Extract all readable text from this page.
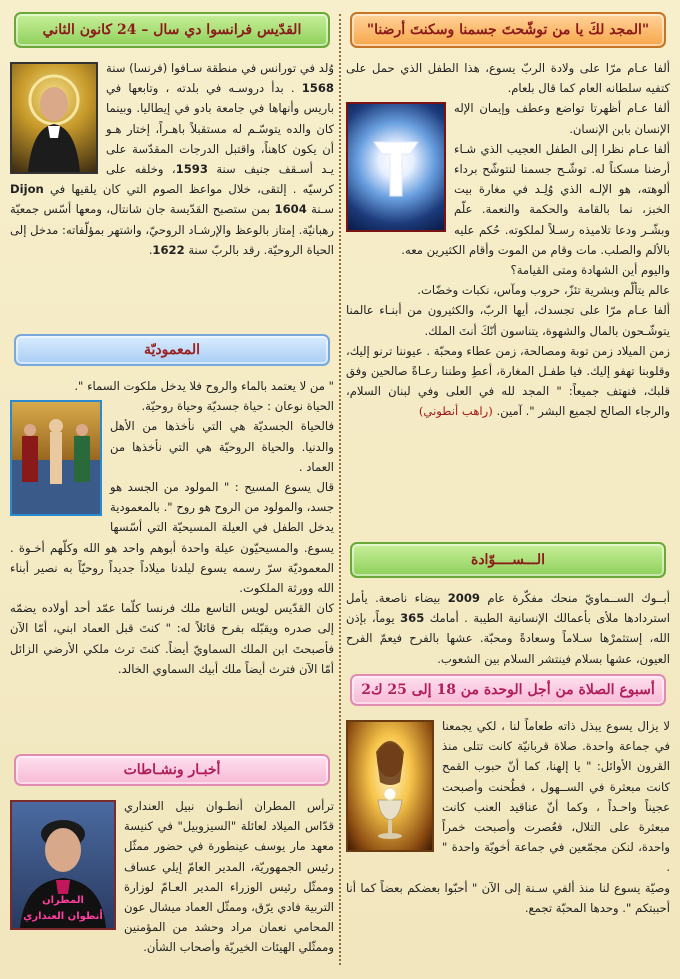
"المجد لكَ يا من توشّحتَ جسمنا وسكنتَ أرضنا"

ألفا عـام مرّا على ولادة الربّ يسوع، هذا الطفل الذي حمل على كتفيه سلطانه العام كما قال بلعام.

ألفا عـام أظهرتا تواضع وعطف وإيمان الإله الإنسان بابن الإنسان.

ألفا عـام نظرا إلى الطفل العجيب الذي شـاء أرضنا مسكناً له. توشّـح جسمنا لنتوشّح برداء ألوهته، هو الإلـه الذي وُلِـد في مغارة بيت الخبز، نما بالقامة والحكمة والنعمة. علّم وبشّـر ودعا تلاميذه رسـلاً لملكوته. حُكم عليه بالألم والصلب. مات وقام من الموت وأقام الكثيرين معه.

واليوم أين الشهادة ومتى القيامة؟

عالم يتألّم وبشرية تئزّ، حروب ومآس، نكبات وخضّات.

ألفا عـام مرّا على تجسدك، أيها الربّ، والكثيرون من أبنـاء عالمنا يتوشّـحون بالمال والشهوة، يتناسون أنّكَ أنتَ الملك.

زمن الميلاد زمن توبة ومصالحة، زمن عطاء ومحبّة . عيوننا ترنو إليك، وقلوبنا تهفو إليك. فيا طفـل المغارة، أعطِ وطننا رعـاةً صالحين وفق قلبك، فنهتف جميعاً: " المجد لله في العلى وفي لبنان السلام، والرجاء الصالح لجميع البشر ". آمين. (راهب أنطوني)

الـــســــوّادة

أبــوك الســماويّ منحك مفكّرة عام 2009 بيضاء ناصعة. يأمل استردادها ملأى بأعمالك الإنسانية الطيبة . أمامك 365 يوماً، بإذن الله، إستثمرْها سـلاماً وسعادةً ومحبّة. عشها بالفرح فيعمّ الفرح العيون، عشها بسلام فينتشر السلام بين الشعوب.

أسبوع الصلاة من أجل الوحدة من 18 إلى 25 ك2

لا يزال يسوع يبذل ذاته طعاماً لنا ، لكي يجمعنا في جماعة واحدة. صلاة قربانيّة كانت تتلى منذ القرون الأوائل: " يا إلهنا، كما أنّ حبوب القمح كانت مبعثرة في الســهول ، فطُحنت وأصبحت عجيناً واحـداً ، وكما أنّ عناقيد العنب كانت مبعثرة على التلال، فعُصرت وأصبحت خمراً واحدة، لنكن مجمّعين في جماعة أخويّة واحدة " .

وصيّة يسوع لنا منذ ألفي سـنة إلى الآن " أحبّوا بعضكم بعضاً كما أنا أحببتكم ". وحدها المحبّة تجمع.

القدّيس فرانسوا دي سال – 24 كانون الثاني

وُلد في تورانس في منطقة سـافوا (فرنسا) سنة 1568 . بدأ دروسـه في بلدته ، وتابعها في باريس وأنهاها في جامعة بادو في إيطاليا. وبينما كان والده يتوسّـم له مستقبلاً باهـراً، إختار هـو أن يكون كاهناً، واقتبل الدرجات المقدّسة على يـد أسـقف جنيف سنة 1593، وخلفه على كرسيّه . إلتقى، خلال مواعظ الصوم التي كان يلقيها في Dijon سـنة 1604 بمن ستصبح القدّيسة جان شانتال، ومعها أسّس جمعيّة رهبانيّة. إمتاز بالوعظ والإرشـاد الروحيّ، واشتهر بمؤلّفاته: مدخل إلى الحياة الروحيّة. رقد بالربّ سنة 1622.

المعموديّة

" من لا يعتمد بالماء والروح فلا يدخل ملكوت السماء ".

الحياة نوعان : حياة جسديّة وحياة روحيّة.

فالحياة الجسديّة هي التي نأخذها من الأهل والدنيا. والحياة الروحيّة هي التي نأخذها من العماد .

قال يسوع المسيح : " المولود من الجسد هو جسد، والمولود من الروح هو روح ". بالمعمودية يدخل الطفل في العيلة المسيحيّة التي أسّسها يسوع. والمسيحيّون عيلة واحدة أبوهم واحد هو الله وكلّهم أخـوة . المعموديّة سرّ رسمه يسوع ليلدنا ميلاداً جديداً روحيّاً به نصير أبناء الله وورثة الملكوت.

كان القدّيس لويس التاسع ملك فرنسا كلّما عمّد أحد أولاده يضمّه إلى صدره ويقبّله بفرح قائلاً له: " كنتَ قبل العماد ابني، أمّا الآن فأصبحتَ ابن الملك السماويّ أيضاً. كنتَ ترث ملكي الأرضي الزائل أمّا الآن فترث أيضاً ملك أبيك السماوي الخالد.

أخبـار ونشـاطات
المطران
أنطوان العنداري

ترأس المطران أنطـوان نبيل العنداري قدّاس الميلاد لعائلة "السيزوبيل" في كنيسة معهد مار يوسف عينطورة في حضور ممثّل رئيس الجمهوريّة، المدير العامّ إيلي عساف وممثّل رئيس الوزراء المدير العـامّ لوزارة التربية فادي يرّق، وممثّل العماد ميشال عون المحامي نعمان مراد وحشد من المؤمنين وممثّلي الهيئات الخيريّة وأصحاب الشأن.
